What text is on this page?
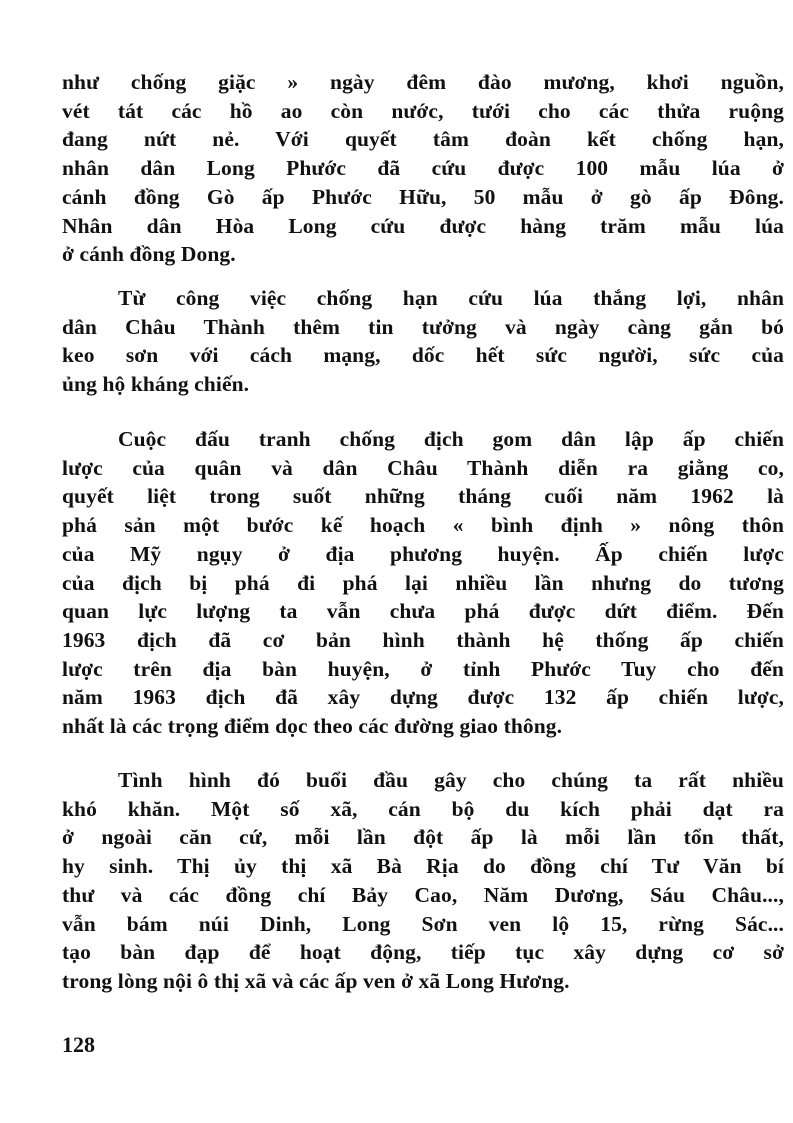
128
như chống giặc » ngày đêm đào mương, khơi nguồn,
vét tát các hồ ao còn nước, tưới cho các thửa ruộng
đang nứt nẻ. Với quyết tâm đoàn kết chống hạn,
nhân dân Long Phước đã cứu được 100 mẫu lúa ở
cánh đồng Gò ấp Phước Hữu, 50 mẫu ở gò ấp Đông.
Nhân dân Hòa Long cứu được hàng trăm mẫu lúa
ở cánh đồng Dong.
Từ công việc chống hạn cứu lúa thắng lợi, nhân
dân Châu Thành thêm tin tưởng và ngày càng gắn bó
keo sơn với cách mạng, dốc hết sức người, sức của
ủng hộ kháng chiến.
Cuộc đấu tranh chống địch gom dân lập ấp chiến
lược của quân và dân Châu Thành diễn ra giằng co,
quyết liệt trong suốt những tháng cuối năm 1962 là
phá sản một bước kế hoạch « bình định » nông thôn
của Mỹ ngụy ở địa phương huyện. Ấp chiến lược
của địch bị phá đi phá lại nhiều lần nhưng do tương
quan lực lượng ta vẫn chưa phá được dứt điểm. Đến
1963 địch đã cơ bản hình thành hệ thống ấp chiến
lược trên địa bàn huyện, ở tỉnh Phước Tuy cho đến
năm 1963 địch đã xây dựng được 132 ấp chiến lược,
nhất là các trọng điểm dọc theo các đường giao thông.
Tình hình đó buổi đầu gây cho chúng ta rất nhiều
khó khăn. Một số xã, cán bộ du kích phải dạt ra
ở ngoài căn cứ, mỗi lần đột ấp là mỗi lần tổn thất,
hy sinh. Thị ủy thị xã Bà Rịa do đồng chí Tư Văn bí
thư và các đồng chí Bảy Cao, Năm Dương, Sáu Châu...,
vẫn bám núi Dinh, Long Sơn ven lộ 15, rừng Sác...
tạo bàn đạp để hoạt động, tiếp tục xây dựng cơ sở
trong lòng nội ô thị xã và các ấp ven ở xã Long Hương.
